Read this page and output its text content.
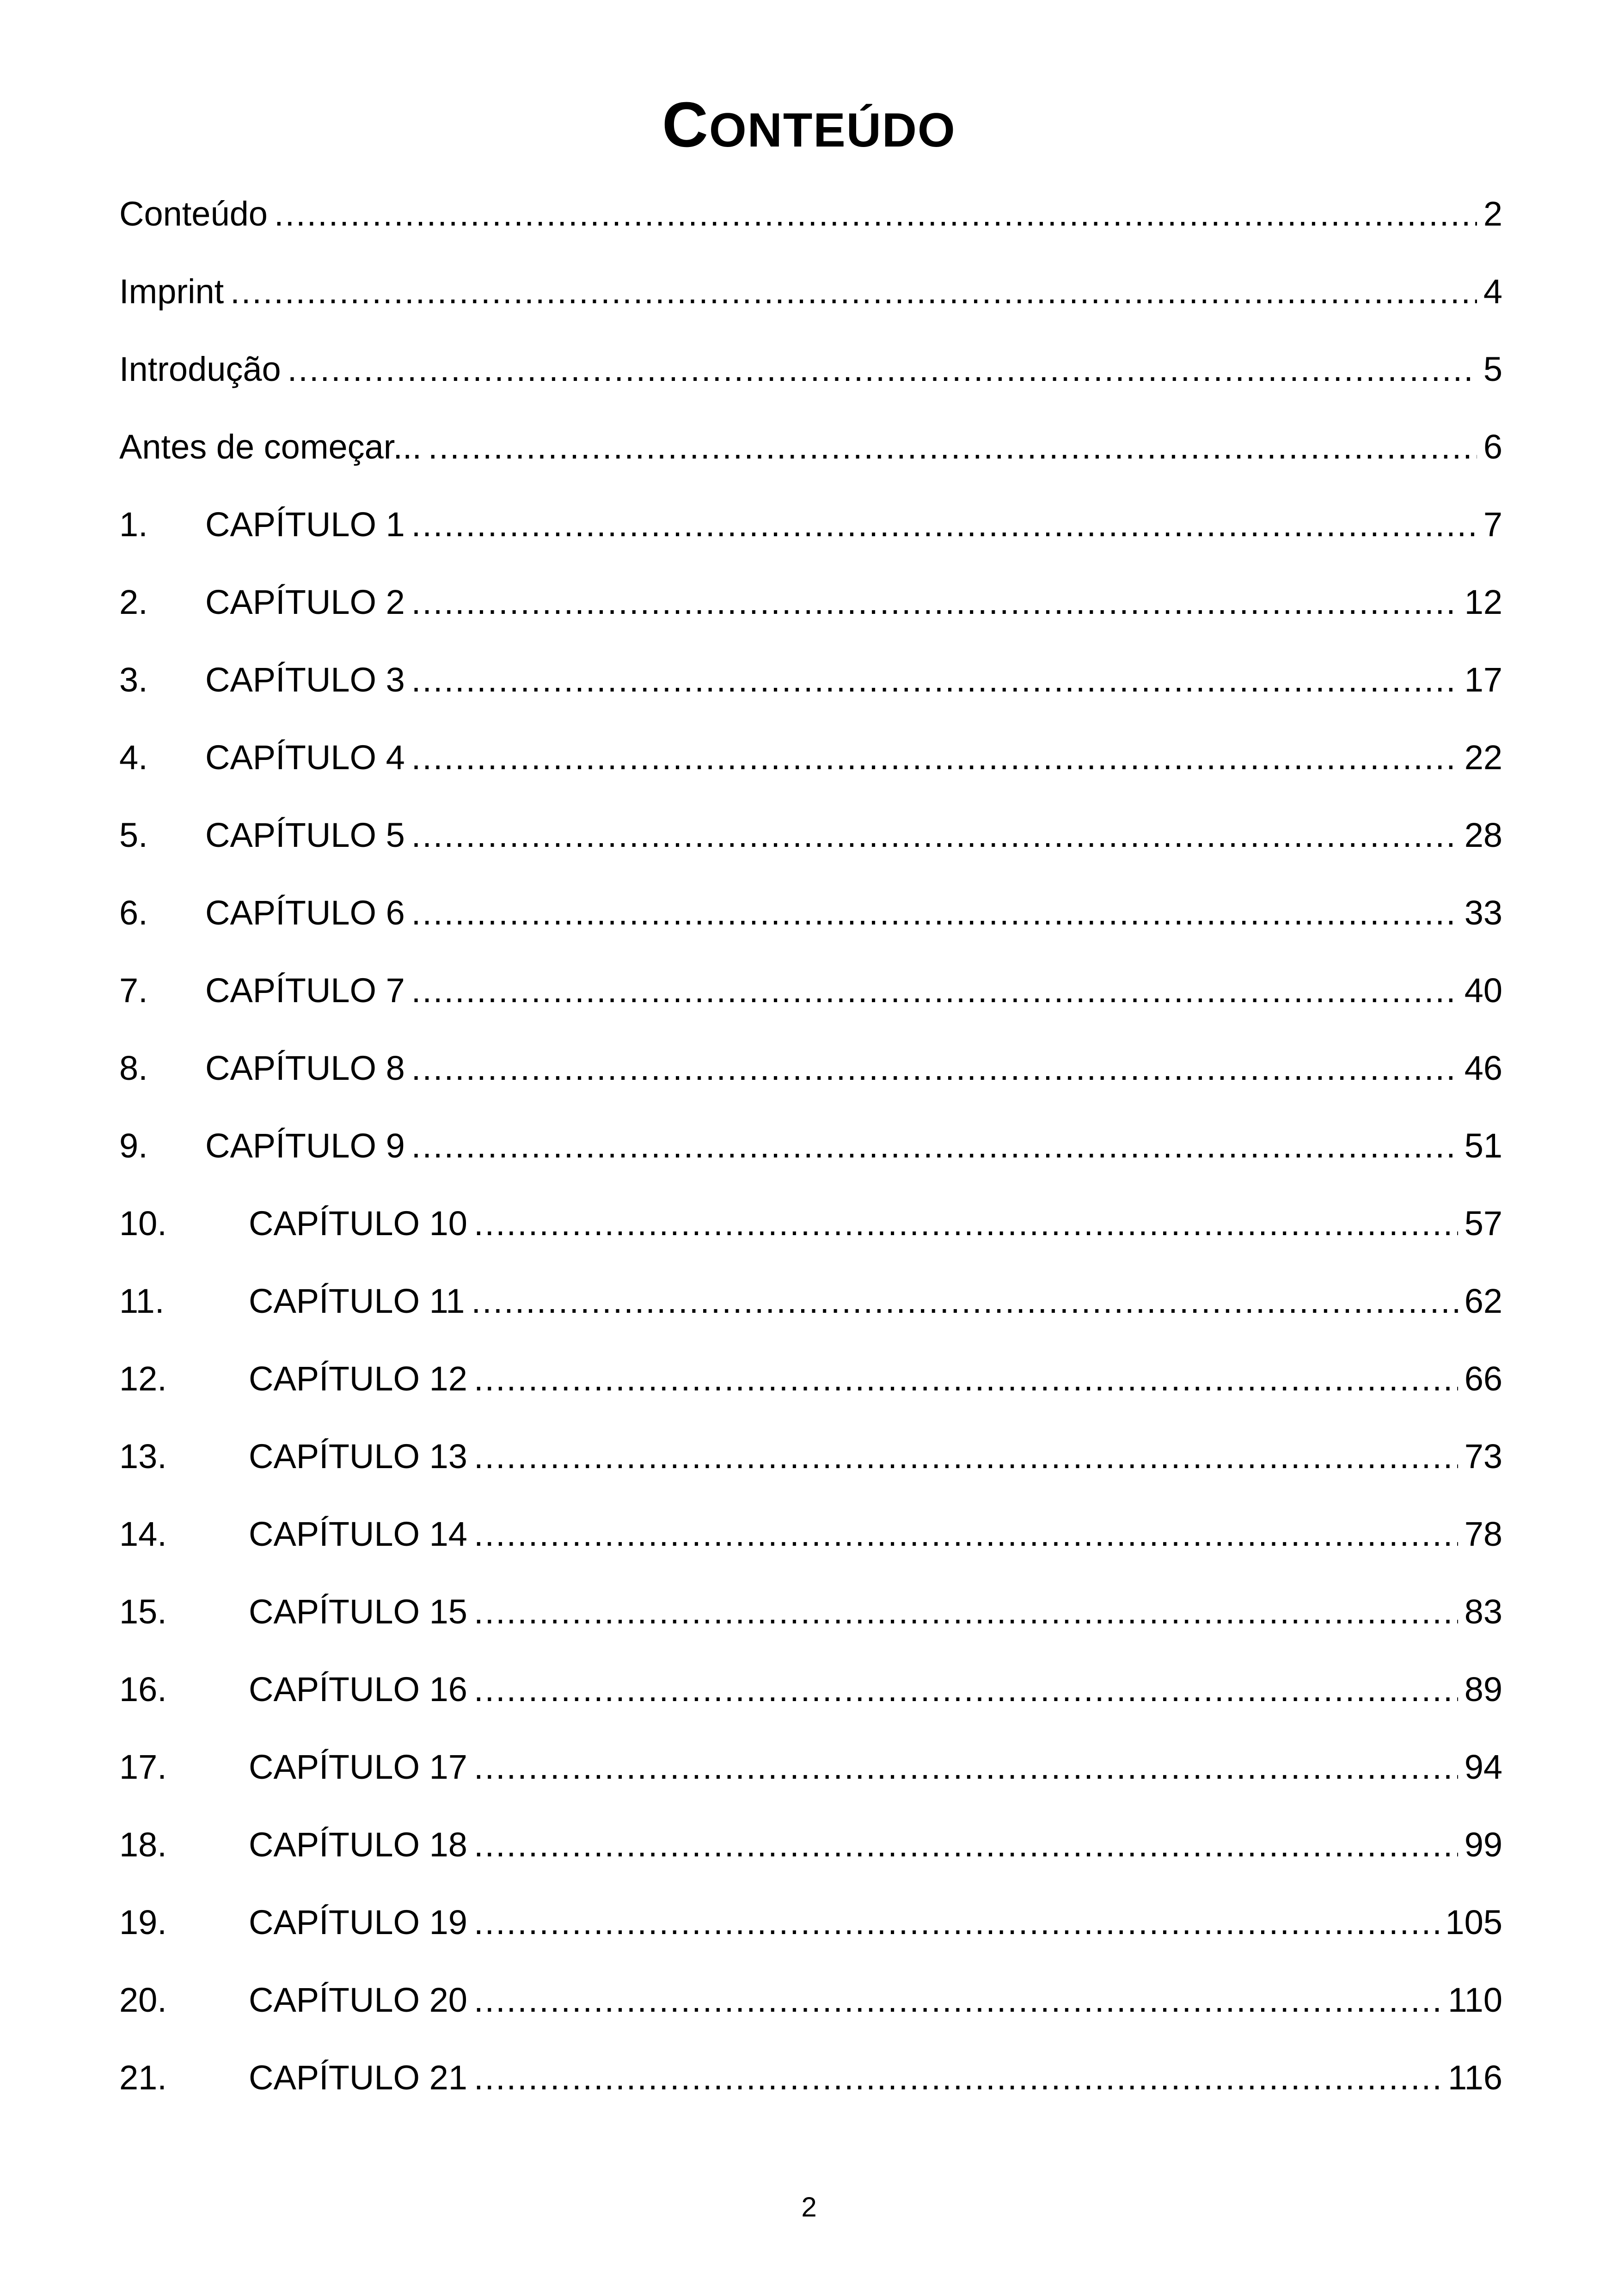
CONTEÚDO
Conteúdo .....	2
Imprint .....	4
Introdução .....	5
Antes de começar... .....	6
1.	CAPÍTULO 1 .....	7
2.	CAPÍTULO 2 .....	12
3.	CAPÍTULO 3 .....	17
4.	CAPÍTULO 4 .....	22
5.	CAPÍTULO 5 .....	28
6.	CAPÍTULO 6 .....	33
7.	CAPÍTULO 7 .....	40
8.	CAPÍTULO 8 .....	46
9.	CAPÍTULO 9 .....	51
10.	CAPÍTULO 10 .....	57
11.	CAPÍTULO 11 .....	62
12.	CAPÍTULO 12 .....	66
13.	CAPÍTULO 13 .....	73
14.	CAPÍTULO 14 .....	78
15.	CAPÍTULO 15 .....	83
16.	CAPÍTULO 16 .....	89
17.	CAPÍTULO 17 .....	94
18.	CAPÍTULO 18 .....	99
19.	CAPÍTULO 19 .....	105
20.	CAPÍTULO 20 .....	110
21.	CAPÍTULO 21 .....	116
2
